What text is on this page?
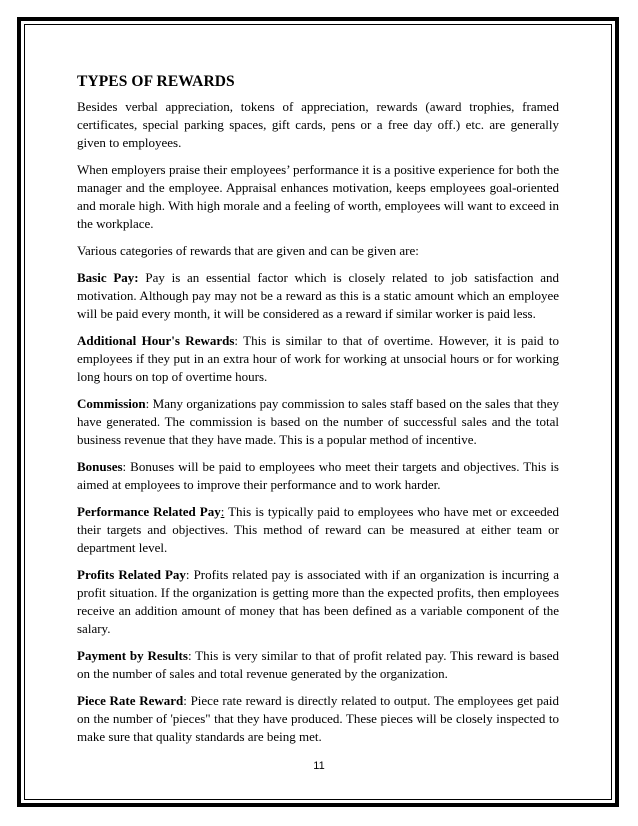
TYPES OF REWARDS

Besides verbal appreciation, tokens of appreciation, rewards (award trophies, framed certificates, special parking spaces, gift cards, pens or a free day off.) etc. are generally given to employees.

When employers praise their employees’ performance it is a positive experience for both the manager and the employee. Appraisal enhances motivation, keeps employees goal-oriented and morale high. With high morale and a feeling of worth, employees will want to exceed in the workplace.

Various categories of rewards that are given and can be given are:

Basic Pay: Pay is an essential factor which is closely related to job satisfaction and motivation. Although pay may not be a reward as this is a static amount which an employee will be paid every month, it will be considered as a reward if similar worker is paid less.

Additional Hour's Rewards: This is similar to that of overtime. However, it is paid to employees if they put in an extra hour of work for working at unsocial hours or for working long hours on top of overtime hours.

Commission: Many organizations pay commission to sales staff based on the sales that they have generated. The commission is based on the number of successful sales and the total business revenue that they have made. This is a popular method of incentive.

Bonuses: Bonuses will be paid to employees who meet their targets and objectives. This is aimed at employees to improve their performance and to work harder.

Performance Related Pay: This is typically paid to employees who have met or exceeded their targets and objectives. This method of reward can be measured at either team or department level.

Profits Related Pay: Profits related pay is associated with if an organization is incurring a profit situation. If the organization is getting more than the expected profits, then employees receive an addition amount of money that has been defined as a variable component of the salary.

Payment by Results: This is very similar to that of profit related pay. This reward is based on the number of sales and total revenue generated by the organization.

Piece Rate Reward: Piece rate reward is directly related to output. The employees get paid on the number of 'pieces" that they have produced. These pieces will be closely inspected to make sure that quality standards are being met.

11
